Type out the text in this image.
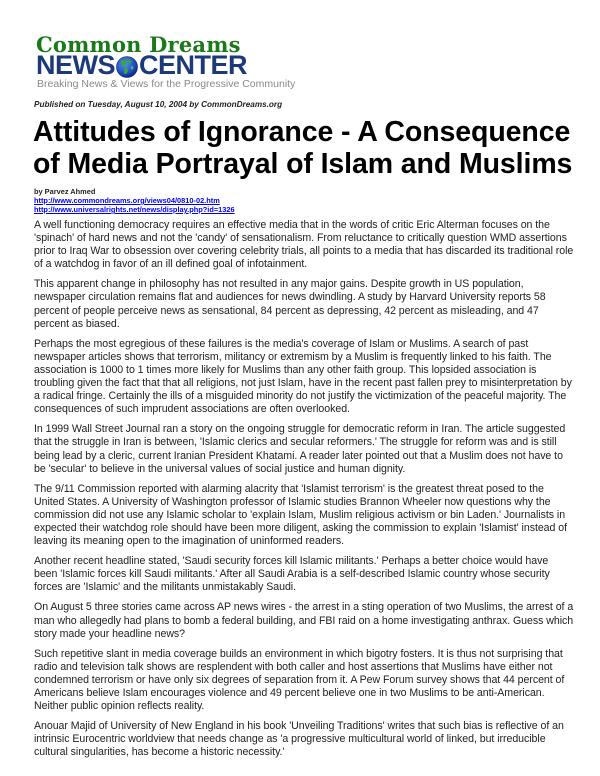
Common Dreams
NEWS CENTER
Breaking News & Views for the Progressive Community
Published on Tuesday, August 10, 2004 by CommonDreams.org
Attitudes of Ignorance - A Consequence of Media Portrayal of Islam and Muslims
by Parvez Ahmed
http://www.commondreams.org/views04/0810-02.htm
http://www.universalrights.net/news/display.php?id=1326

A well functioning democracy requires an effective media that in the words of critic Eric Alterman focuses on the 'spinach' of hard news and not the 'candy' of sensationalism. From reluctance to critically question WMD assertions prior to Iraq War to obsession over covering celebrity trials, all points to a media that has discarded its traditional role of a watchdog in favor of an ill defined goal of infotainment.

This apparent change in philosophy has not resulted in any major gains. Despite growth in US population, newspaper circulation remains flat and audiences for news dwindling. A study by Harvard University reports 58 percent of people perceive news as sensational, 84 percent as depressing, 42 percent as misleading, and 47 percent as biased.

Perhaps the most egregious of these failures is the media's coverage of Islam or Muslims. A search of past newspaper articles shows that terrorism, militancy or extremism by a Muslim is frequently linked to his faith. The association is 1000 to 1 times more likely for Muslims than any other faith group. This lopsided association is troubling given the fact that that all religions, not just Islam, have in the recent past fallen prey to misinterpretation by a radical fringe. Certainly the ills of a misguided minority do not justify the victimization of the peaceful majority. The consequences of such imprudent associations are often overlooked.

In 1999 Wall Street Journal ran a story on the ongoing struggle for democratic reform in Iran. The article suggested that the struggle in Iran is between, 'Islamic clerics and secular reformers.' The struggle for reform was and is still being lead by a cleric, current Iranian President Khatami. A reader later pointed out that a Muslim does not have to be 'secular' to believe in the universal values of social justice and human dignity.

The 9/11 Commission reported with alarming alacrity that 'Islamist terrorism' is the greatest threat posed to the United States. A University of Washington professor of Islamic studies Brannon Wheeler now questions why the commission did not use any Islamic scholar to 'explain Islam, Muslim religious activism or bin Laden.' Journalists in expected their watchdog role should have been more diligent, asking the commission to explain 'Islamist' instead of leaving its meaning open to the imagination of uninformed readers.

Another recent headline stated, 'Saudi security forces kill Islamic militants.' Perhaps a better choice would have been 'Islamic forces kill Saudi militants.' After all Saudi Arabia is a self-described Islamic country whose security forces are 'Islamic' and the militants unmistakably Saudi.

On August 5 three stories came across AP news wires - the arrest in a sting operation of two Muslims, the arrest of a man who allegedly had plans to bomb a federal building, and FBI raid on a home investigating anthrax. Guess which story made your headline news?

Such repetitive slant in media coverage builds an environment in which bigotry fosters. It is thus not surprising that radio and television talk shows are resplendent with both caller and host assertions that Muslims have either not condemned terrorism or have only six degrees of separation from it. A Pew Forum survey shows that 44 percent of Americans believe Islam encourages violence and 49 percent believe one in two Muslims to be anti-American. Neither public opinion reflects reality.

Anouar Majid of University of New England in his book 'Unveiling Traditions' writes that such bias is reflective of an intrinsic Eurocentric worldview that needs change as 'a progressive multicultural world of linked, but irreducible cultural singularities, has become a historic necessity.'
